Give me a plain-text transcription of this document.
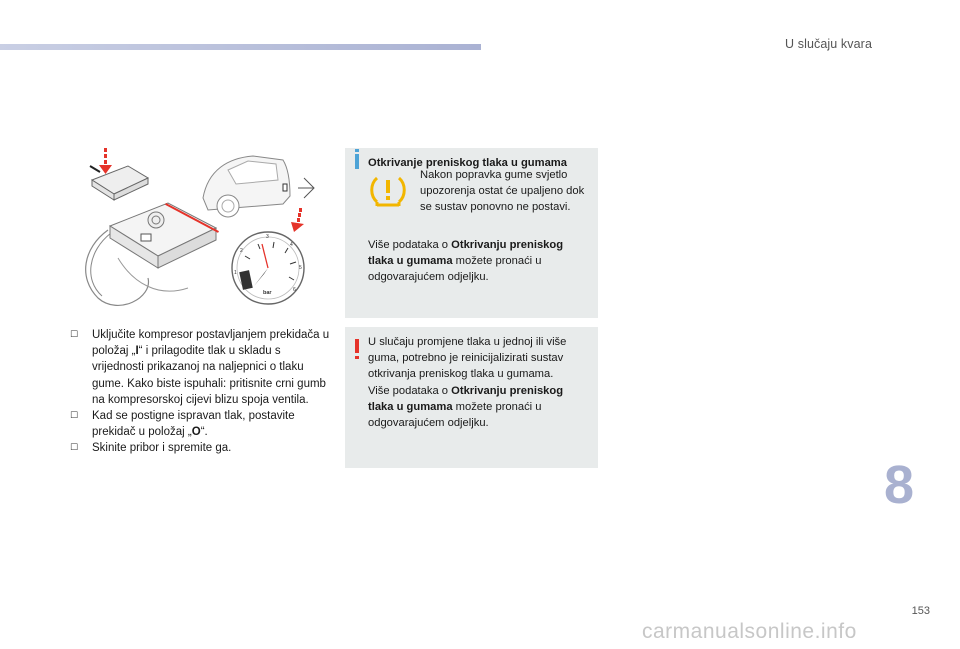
U slučaju kvara
1
2
3
4
5
6
bar
☐ Uključite kompresor postavljanjem prekidača u položaj „I“ i prilagodite tlak u skladu s vrijednosti prikazanoj na naljepnici o tlaku gume. Kako biste ispuhali: pritisnite crni gumb na kompresorskoj cijevi blizu spoja ventila.
☐ Kad se postigne ispravan tlak, postavite prekidač u položaj „O“.
☐ Skinite pribor i spremite ga.
Otkrivanje preniskog tlaka u gumama
Nakon popravka gume svjetlo upozorenja ostat će upaljeno dok se sustav ponovno ne postavi.
Više podataka o Otkrivanju preniskog tlaka u gumama možete pronaći u odgovarajućem odjeljku.
U slučaju promjene tlaka u jednoj ili više guma, potrebno je reinicijalizirati sustav otkrivanja preniskog tlaka u gumama.
Više podataka o Otkrivanju preniskog tlaka u gumama možete pronaći u odgovarajućem odjeljku.
8
153
carmanualsonline.info
